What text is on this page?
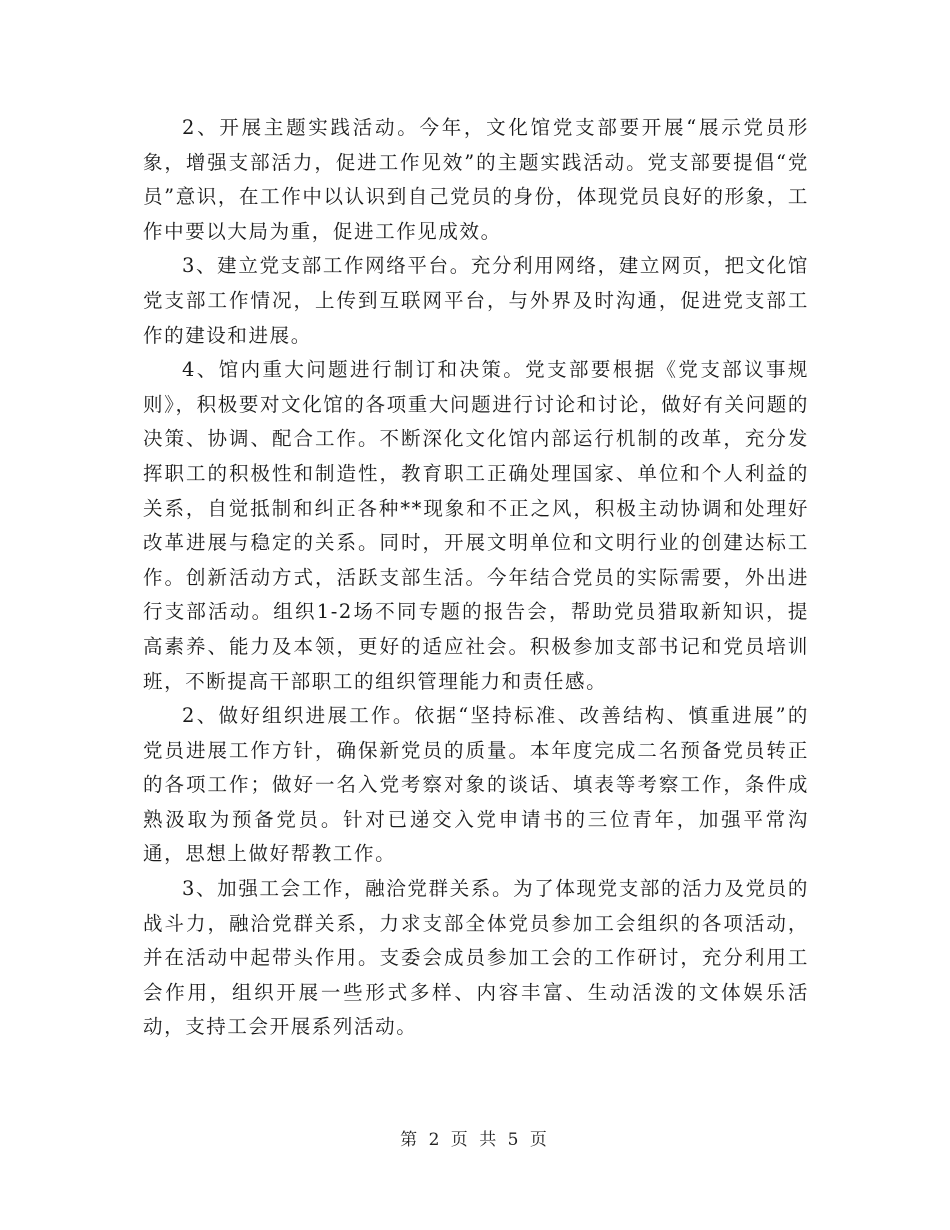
2、开展主题实践活动。今年，文化馆党支部要开展“展示党员形象，增强支部活力，促进工作见效”的主题实践活动。党支部要提倡“党员”意识，在工作中以认识到自己党员的身份，体现党员良好的形象，工作中要以大局为重，促进工作见成效。

3、建立党支部工作网络平台。充分利用网络，建立网页，把文化馆党支部工作情况，上传到互联网平台，与外界及时沟通，促进党支部工作的建设和进展。

4、馆内重大问题进行制订和决策。党支部要根据《党支部议事规则》，积极要对文化馆的各项重大问题进行讨论和讨论，做好有关问题的决策、协调、配合工作。不断深化文化馆内部运行机制的改革，充分发挥职工的积极性和制造性，教育职工正确处理国家、单位和个人利益的关系，自觉抵制和纠正各种**现象和不正之风，积极主动协调和处理好改革进展与稳定的关系。同时，开展文明单位和文明行业的创建达标工作。创新活动方式，活跃支部生活。今年结合党员的实际需要，外出进行支部活动。组织1-2场不同专题的报告会，帮助党员猎取新知识，提高素养、能力及本领，更好的适应社会。积极参加支部书记和党员培训班，不断提高干部职工的组织管理能力和责任感。

2、做好组织进展工作。依据“坚持标准、改善结构、慎重进展”的党员进展工作方针，确保新党员的质量。本年度完成二名预备党员转正的各项工作；做好一名入党考察对象的谈话、填表等考察工作，条件成熟汲取为预备党员。针对已递交入党申请书的三位青年，加强平常沟通，思想上做好帮教工作。

3、加强工会工作，融洽党群关系。为了体现党支部的活力及党员的战斗力，融洽党群关系，力求支部全体党员参加工会组织的各项活动，并在活动中起带头作用。支委会成员参加工会的工作研讨，充分利用工会作用，组织开展一些形式多样、内容丰富、生动活泼的文体娱乐活动，支持工会开展系列活动。

第 2 页 共 5 页
